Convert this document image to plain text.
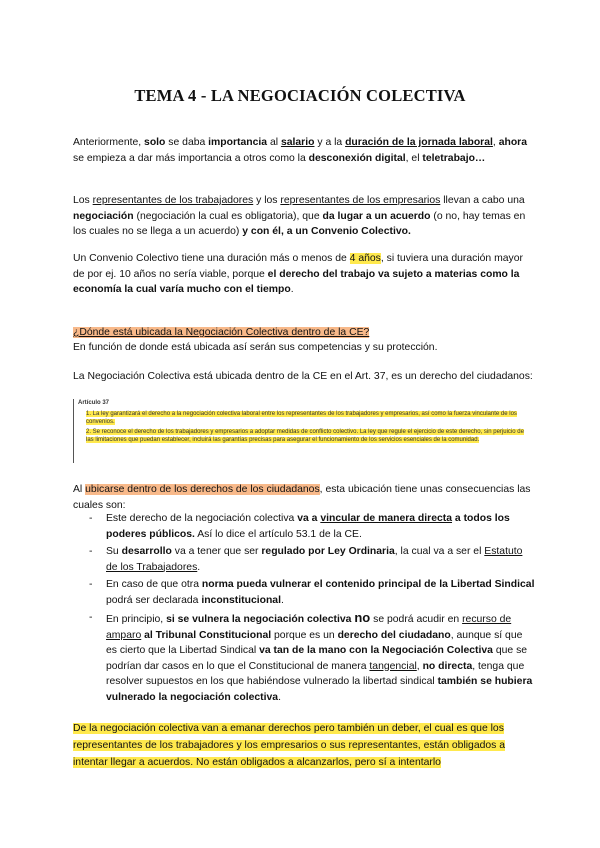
TEMA 4 - LA NEGOCIACIÓN COLECTIVA

Anteriormente, solo se daba importancia al salario y a la duración de la jornada laboral, ahora se empieza a dar más importancia a otros como la desconexión digital, el teletrabajo…

Los representantes de los trabajadores y los representantes de los empresarios llevan a cabo una negociación (negociación la cual es obligatoria), que da lugar a un acuerdo (o no, hay temas en los cuales no se llega a un acuerdo) y con él, a un Convenio Colectivo.

Un Convenio Colectivo tiene una duración más o menos de 4 años, si tuviera una duración mayor de por ej. 10 años no sería viable, porque el derecho del trabajo va sujeto a materias como la economía la cual varía mucho con el tiempo.

¿Dónde está ubicada la Negociación Colectiva dentro de la CE?

En función de donde está ubicada así serán sus competencias y su protección.

La Negociación Colectiva está ubicada dentro de la CE en el Art. 37, es un derecho del ciudadanos:

Artículo 37
1. La ley garantizará el derecho a la negociación colectiva laboral entre los representantes de los trabajadores y empresarios, así como la fuerza vinculante de los convenios.
2. Se reconoce el derecho de los trabajadores y empresarios a adoptar medidas de conflicto colectivo. La ley que regule el ejercicio de este derecho, sin perjuicio de las limitaciones que puedan establecer, incluirá las garantías precisas para asegurar el funcionamiento de los servicios esenciales de la comunidad.

Al ubicarse dentro de los derechos de los ciudadanos, esta ubicación tiene unas consecuencias las cuales son:

- Este derecho de la negociación colectiva va a vincular de manera directa a todos los poderes públicos. Así lo dice el artículo 53.1 de la CE.
- Su desarrollo va a tener que ser regulado por Ley Ordinaria, la cual va a ser el Estatuto de los Trabajadores.
- En caso de que otra norma pueda vulnerar el contenido principal de la Libertad Sindical podrá ser declarada inconstitucional.
- En principio, si se vulnera la negociación colectiva no se podrá acudir en recurso de amparo al Tribunal Constitucional porque es un derecho del ciudadano, aunque sí que es cierto que la Libertad Sindical va tan de la mano con la Negociación Colectiva que se podrían dar casos en lo que el Constitucional de manera tangencial, no directa, tenga que resolver supuestos en los que habiéndose vulnerado la libertad sindical también se hubiera vulnerado la negociación colectiva.

De la negociación colectiva van a emanar derechos pero también un deber, el cual es que los representantes de los trabajadores y los empresarios o sus representantes, están obligados a intentar llegar a acuerdos. No están obligados a alcanzarlos, pero sí a intentarlo
